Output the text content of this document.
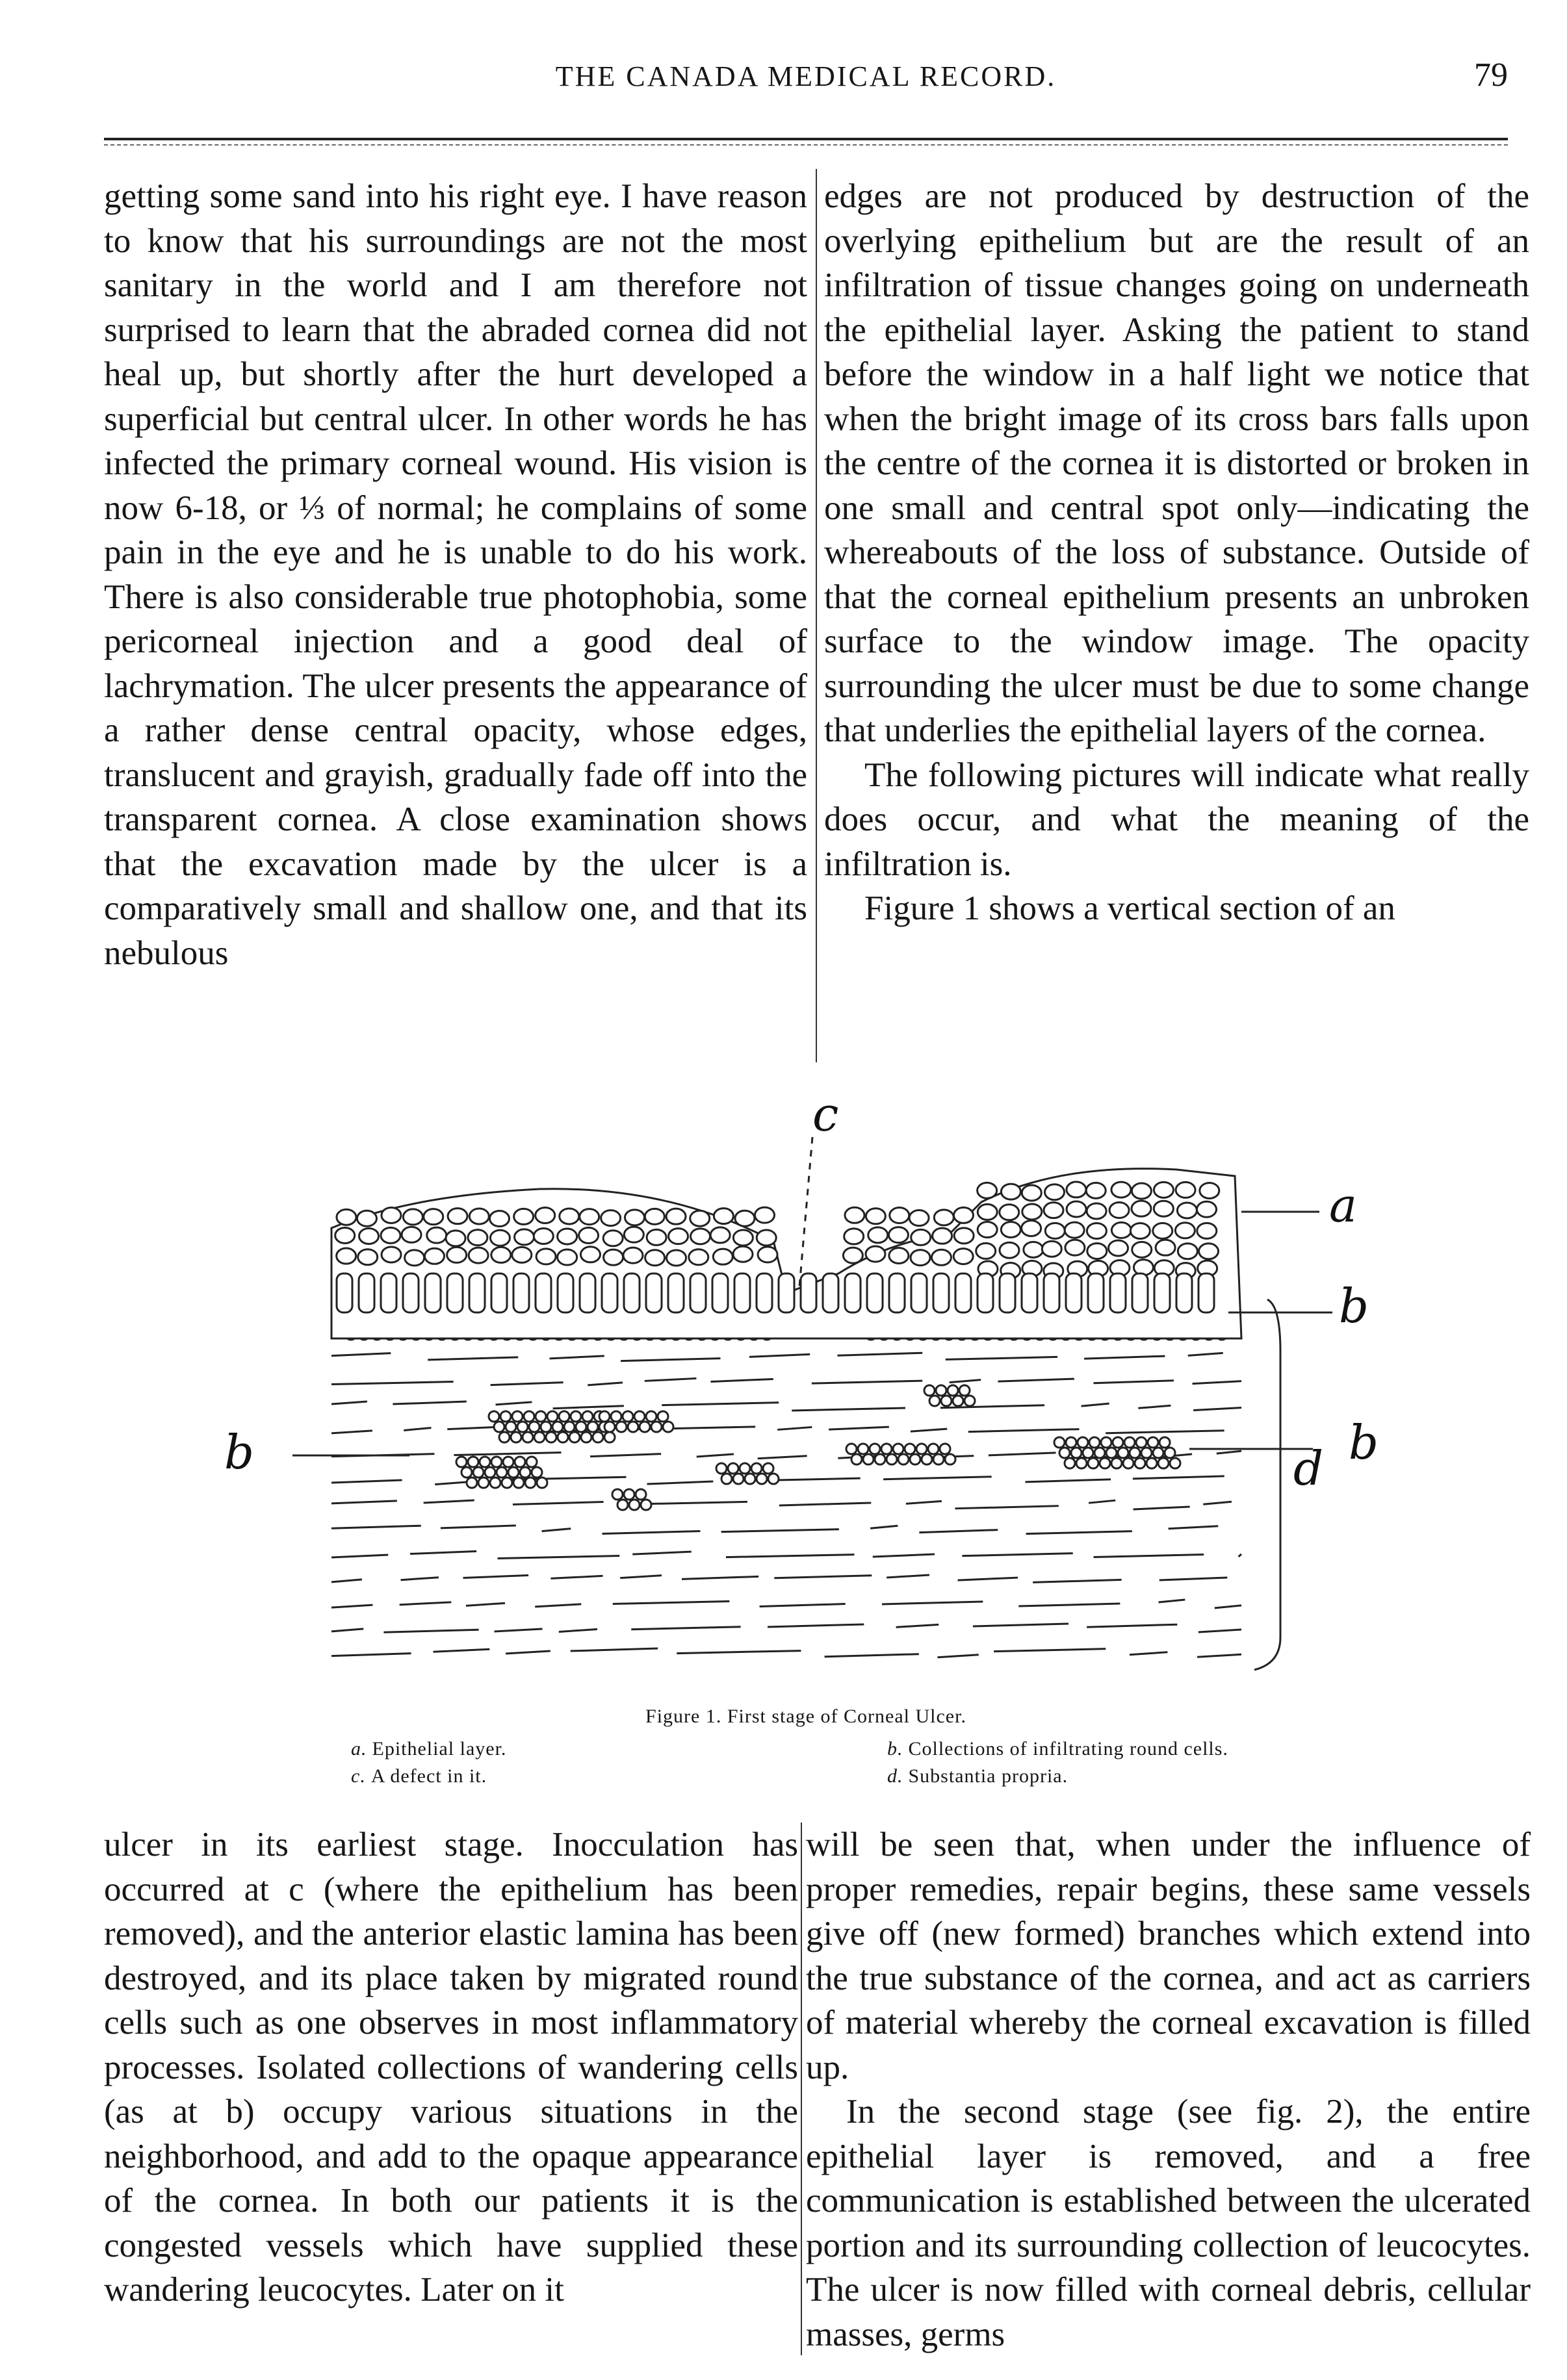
THE CANADA MEDICAL RECORD.	79

getting some sand into his right eye. I have reason to know that his surroundings are not the most sanitary in the world and I am therefore not surprised to learn that the abraded cornea did not heal up, but shortly after the hurt developed a superficial but central ulcer. In other words he has infected the primary corneal wound. His vision is now 6-18, or ⅓ of normal; he complains of some pain in the eye and he is unable to do his work. There is also considerable true photophobia, some pericorneal injection and a good deal of lachrymation. The ulcer presents the appearance of a rather dense central opacity, whose edges, translucent and grayish, gradually fade off into the transparent cornea. A close examination shows that the excavation made by the ulcer is a comparatively small and shallow one, and that its nebulous

edges are not produced by destruction of the overlying epithelium but are the result of an infiltration of tissue changes going on underneath the epithelial layer. Asking the patient to stand before the window in a half light we notice that when the bright image of its cross bars falls upon the centre of the cornea it is distorted or broken in one small and central spot only—indicating the whereabouts of the loss of substance. Outside of that the corneal epithelium presents an unbroken surface to the window image. The opacity surrounding the ulcer must be due to some change that underlies the epithelial layers of the cornea.

The following pictures will indicate what really does occur, and what the meaning of the infiltration is.

Figure 1 shows a vertical section of an

c
a
b
b
d
b
Figure 1. First stage of Corneal Ulcer.
a. Epithelial layer.	b. Collections of infiltrating round cells.
c. A defect in it.	d. Substantia propria.

ulcer in its earliest stage. Inocculation has occurred at c (where the epithelium has been removed), and the anterior elastic lamina has been destroyed, and its place taken by migrated round cells such as one observes in most inflammatory processes. Isolated collections of wandering cells (as at b) occupy various situations in the neighborhood, and add to the opaque appearance of the cornea. In both our patients it is the congested vessels which have supplied these wandering leucocytes. Later on it

will be seen that, when under the influence of proper remedies, repair begins, these same vessels give off (new formed) branches which extend into the true substance of the cornea, and act as carriers of material whereby the corneal excavation is filled up.

In the second stage (see fig. 2), the entire epithelial layer is removed, and a free communication is established between the ulcerated portion and its surrounding collection of leucocytes. The ulcer is now filled with corneal debris, cellular masses, germs
